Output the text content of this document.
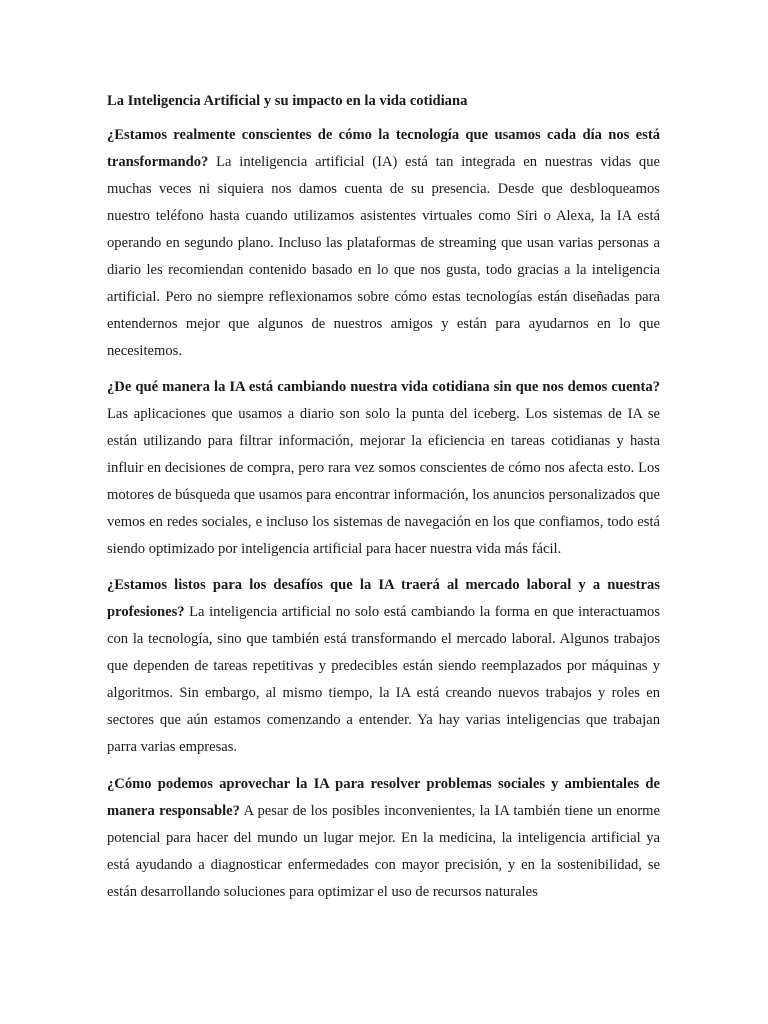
La Inteligencia Artificial y su impacto en la vida cotidiana

¿Estamos realmente conscientes de cómo la tecnología que usamos cada día nos está transformando? La inteligencia artificial (IA) está tan integrada en nuestras vidas que muchas veces ni siquiera nos damos cuenta de su presencia. Desde que desbloqueamos nuestro teléfono hasta cuando utilizamos asistentes virtuales como Siri o Alexa, la IA está operando en segundo plano. Incluso las plataformas de streaming que usan varias personas a diario les recomiendan contenido basado en lo que nos gusta, todo gracias a la inteligencia artificial. Pero no siempre reflexionamos sobre cómo estas tecnologías están diseñadas para entendernos mejor que algunos de nuestros amigos y están para ayudarnos en lo que necesitemos.

¿De qué manera la IA está cambiando nuestra vida cotidiana sin que nos demos cuenta? Las aplicaciones que usamos a diario son solo la punta del iceberg. Los sistemas de IA se están utilizando para filtrar información, mejorar la eficiencia en tareas cotidianas y hasta influir en decisiones de compra, pero rara vez somos conscientes de cómo nos afecta esto. Los motores de búsqueda que usamos para encontrar información, los anuncios personalizados que vemos en redes sociales, e incluso los sistemas de navegación en los que confiamos, todo está siendo optimizado por inteligencia artificial para hacer nuestra vida más fácil.

¿Estamos listos para los desafíos que la IA traerá al mercado laboral y a nuestras profesiones? La inteligencia artificial no solo está cambiando la forma en que interactuamos con la tecnología, sino que también está transformando el mercado laboral. Algunos trabajos que dependen de tareas repetitivas y predecibles están siendo reemplazados por máquinas y algoritmos. Sin embargo, al mismo tiempo, la IA está creando nuevos trabajos y roles en sectores que aún estamos comenzando a entender. Ya hay varias inteligencias que trabajan parra varias empresas.

¿Cómo podemos aprovechar la IA para resolver problemas sociales y ambientales de manera responsable? A pesar de los posibles inconvenientes, la IA también tiene un enorme potencial para hacer del mundo un lugar mejor. En la medicina, la inteligencia artificial ya está ayudando a diagnosticar enfermedades con mayor precisión, y en la sostenibilidad, se están desarrollando soluciones para optimizar el uso de recursos naturales
